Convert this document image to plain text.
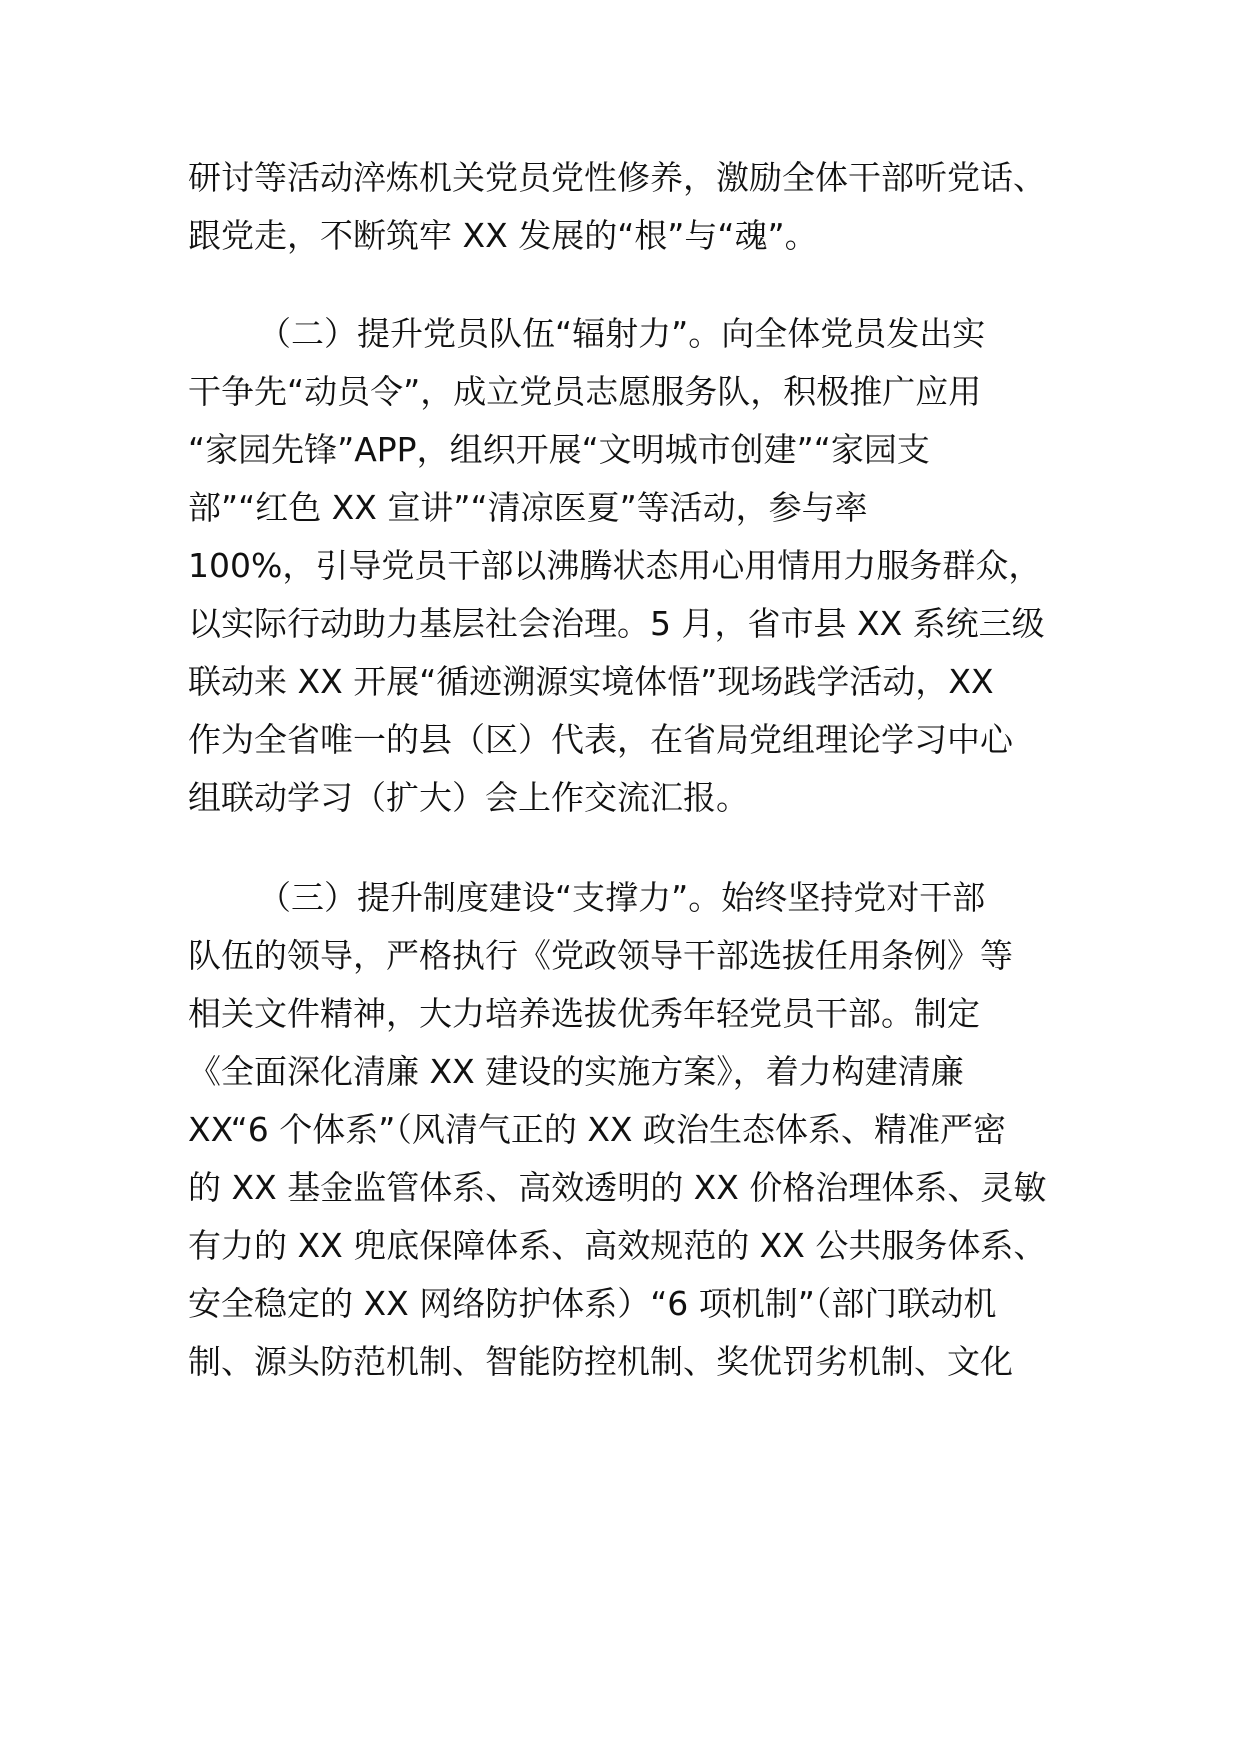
研讨等活动淬炼机关党员党性修养，激励全体干部听党话、
跟党走，不断筑牢 XX 发展的“根”与“魂”。
（二）提升党员队伍“辐射力”。向全体党员发出实
干争先“动员令”，成立党员志愿服务队，积极推广应用
“家园先锋”APP，组织开展“文明城市创建”“家园支
部”“红色 XX 宣讲”“清凉医夏”等活动，参与率
100%，引导党员干部以沸腾状态用心用情用力服务群众，
以实际行动助力基层社会治理。5 月，省市县 XX 系统三级
联动来 XX 开展“循迹溯源实境体悟”现场践学活动，XX
作为全省唯一的县（区）代表，在省局党组理论学习中心
组联动学习（扩大）会上作交流汇报。
（三）提升制度建设“支撑力”。始终坚持党对干部
队伍的领导，严格执行《党政领导干部选拔任用条例》等
相关文件精神，大力培养选拔优秀年轻党员干部。制定
《全面深化清廉 XX 建设的实施方案》，着力构建清廉
XX“6 个体系”（风清气正的 XX 政治生态体系、精准严密
的 XX 基金监管体系、高效透明的 XX 价格治理体系、灵敏
有力的 XX 兜底保障体系、高效规范的 XX 公共服务体系、
安全稳定的 XX 网络防护体系）“6 项机制”（部门联动机
制、源头防范机制、智能防控机制、奖优罚劣机制、文化
